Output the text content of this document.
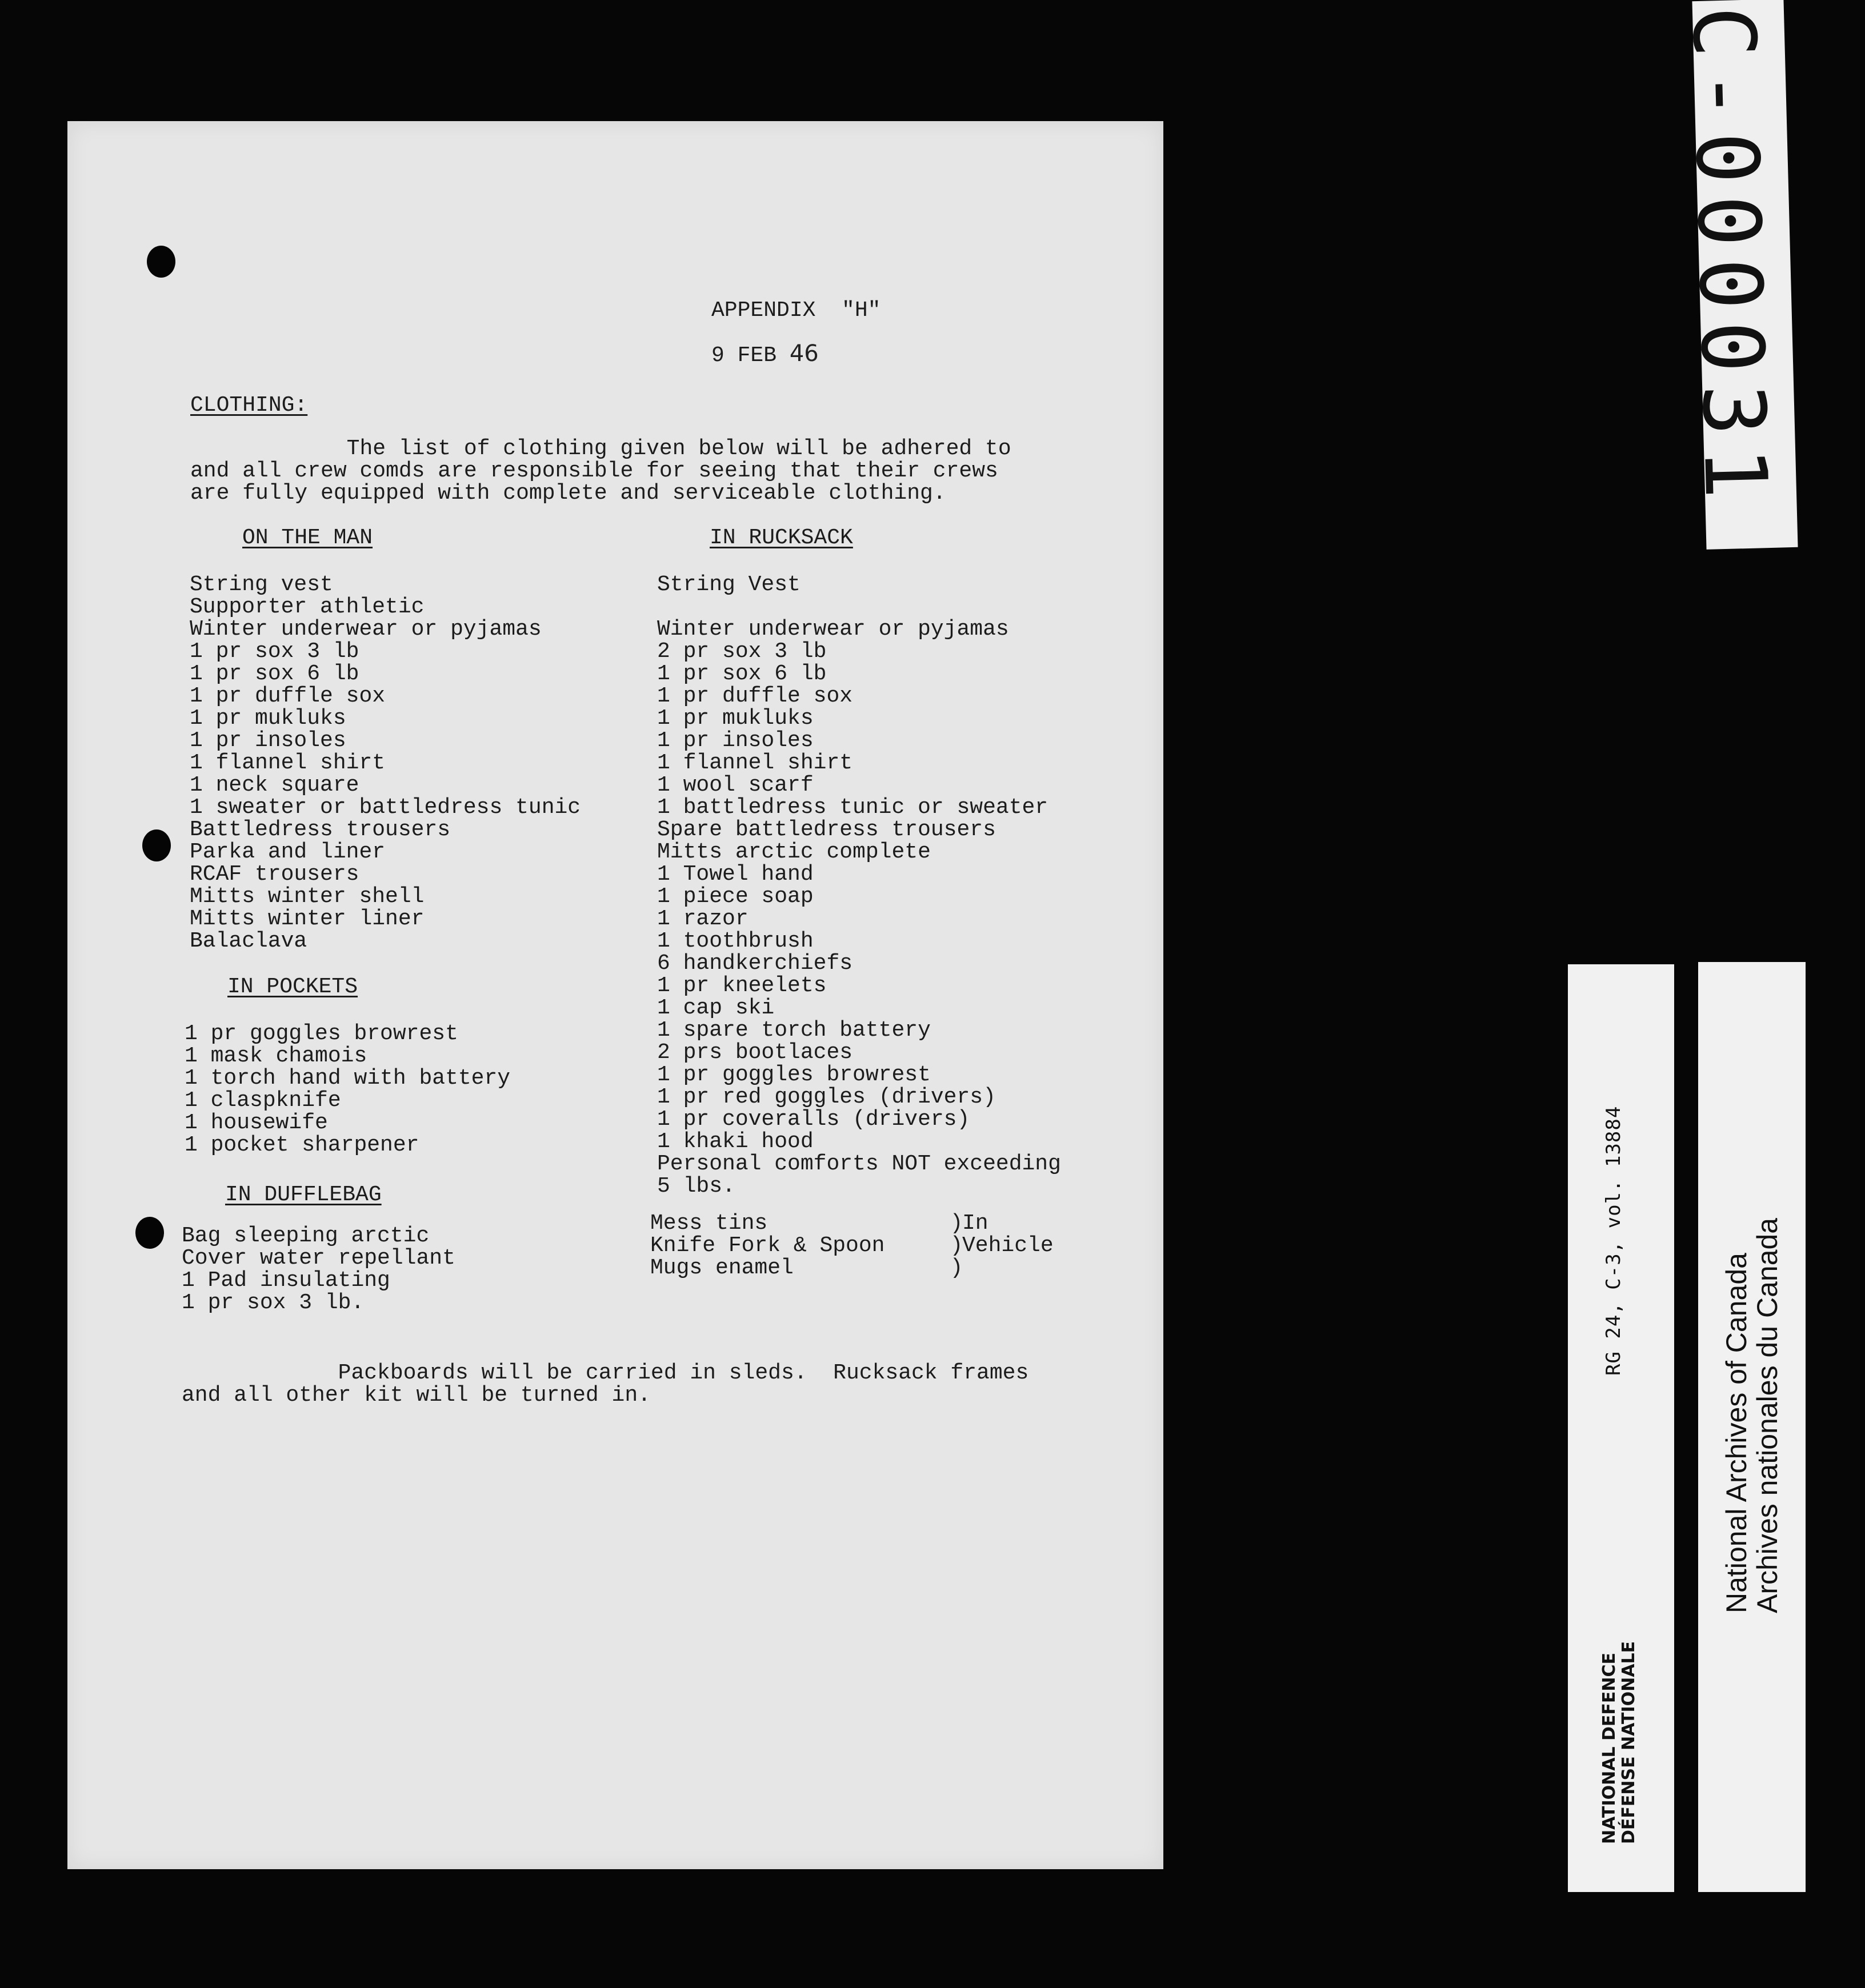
APPENDIX  "H"
9 FEB 46
CLOTHING:
The list of clothing given below will be adhered to
and all crew comds are responsible for seeing that their crews
are fully equipped with complete and serviceable clothing.
ON THE MAN
String vest
Supporter athletic
Winter underwear or pyjamas
1 pr sox 3 lb
1 pr sox 6 lb
1 pr duffle sox
1 pr mukluks
1 pr insoles
1 flannel shirt
1 neck square
1 sweater or battledress tunic
Battledress trousers
Parka and liner
RCAF trousers
Mitts winter shell
Mitts winter liner
Balaclava
IN POCKETS
1 pr goggles browrest
1 mask chamois
1 torch hand with battery
1 claspknife
1 housewife
1 pocket sharpener
IN DUFFLEBAG
Bag sleeping arctic
Cover water repellant
1 Pad insulating
1 pr sox 3 lb.
IN RUCKSACK
String Vest
Winter underwear or pyjamas
2 pr sox 3 lb
1 pr sox 6 lb
1 pr duffle sox
1 pr mukluks
1 pr insoles
1 flannel shirt
1 wool scarf
1 battledress tunic or sweater
Spare battledress trousers
Mitts arctic complete
1 Towel hand
1 piece soap
1 razor
1 toothbrush
6 handkerchiefs
1 pr kneelets
1 cap ski
1 spare torch battery
2 prs bootlaces
1 pr goggles browrest
1 pr red goggles (drivers)
1 pr coveralls (drivers)
1 khaki hood
Personal comforts NOT exceeding
5 lbs.
Mess tins              )
Knife Fork & Spoon     )
Mugs enamel            )
In
Vehicle
Packboards will be carried in sleds.  Rucksack frames
and all other kit will be turned in.
C-000031
RG 24, C-3, vol. 13884
NATIONAL DEFENCE DÉFENSE NATIONALE
National Archives of Canada
Archives nationales du Canada
